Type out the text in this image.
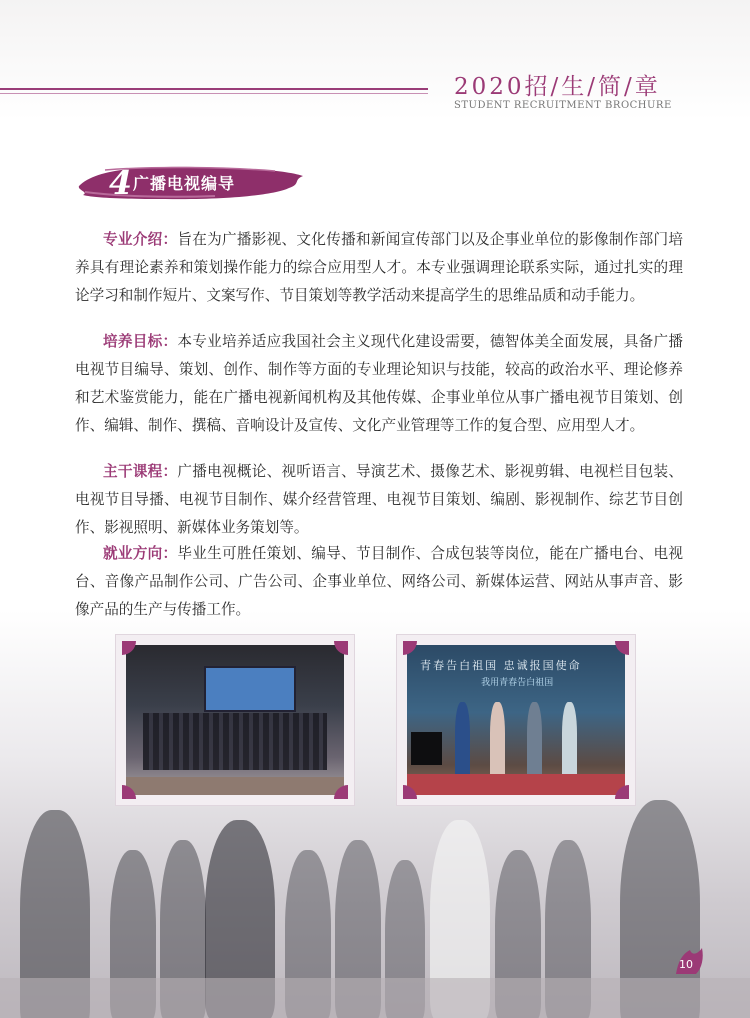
2020招/生/简/章
STUDENT RECRUITMENT BROCHURE
4 广播电视编导
专业介绍：旨在为广播影视、文化传播和新闻宣传部门以及企事业单位的影像制作部门培养具有理论素养和策划操作能力的综合应用型人才。本专业强调理论联系实际，通过扎实的理论学习和制作短片、文案写作、节目策划等教学活动来提高学生的思维品质和动手能力。
培养目标：本专业培养适应我国社会主义现代化建设需要，德智体美全面发展，具备广播电视节目编导、策划、创作、制作等方面的专业理论知识与技能，较高的政治水平、理论修养和艺术鉴赏能力，能在广播电视新闻机构及其他传媒、企事业单位从事广播电视节目策划、创作、编辑、制作、撰稿、音响设计及宣传、文化产业管理等工作的复合型、应用型人才。
主干课程：广播电视概论、视听语言、导演艺术、摄像艺术、影视剪辑、电视栏目包装、电视节目导播、电视节目制作、媒介经营管理、电视节目策划、编剧、影视制作、综艺节目创作、影视照明、新媒体业务策划等。
就业方向：毕业生可胜任策划、编导、节目制作、合成包装等岗位，能在广播电台、电视台、音像产品制作公司、广告公司、企事业单位、网络公司、新媒体运营、网站从事声音、影像产品的生产与传播工作。
青春告白祖国 忠诚报国使命
我用青春告白祖国
10
